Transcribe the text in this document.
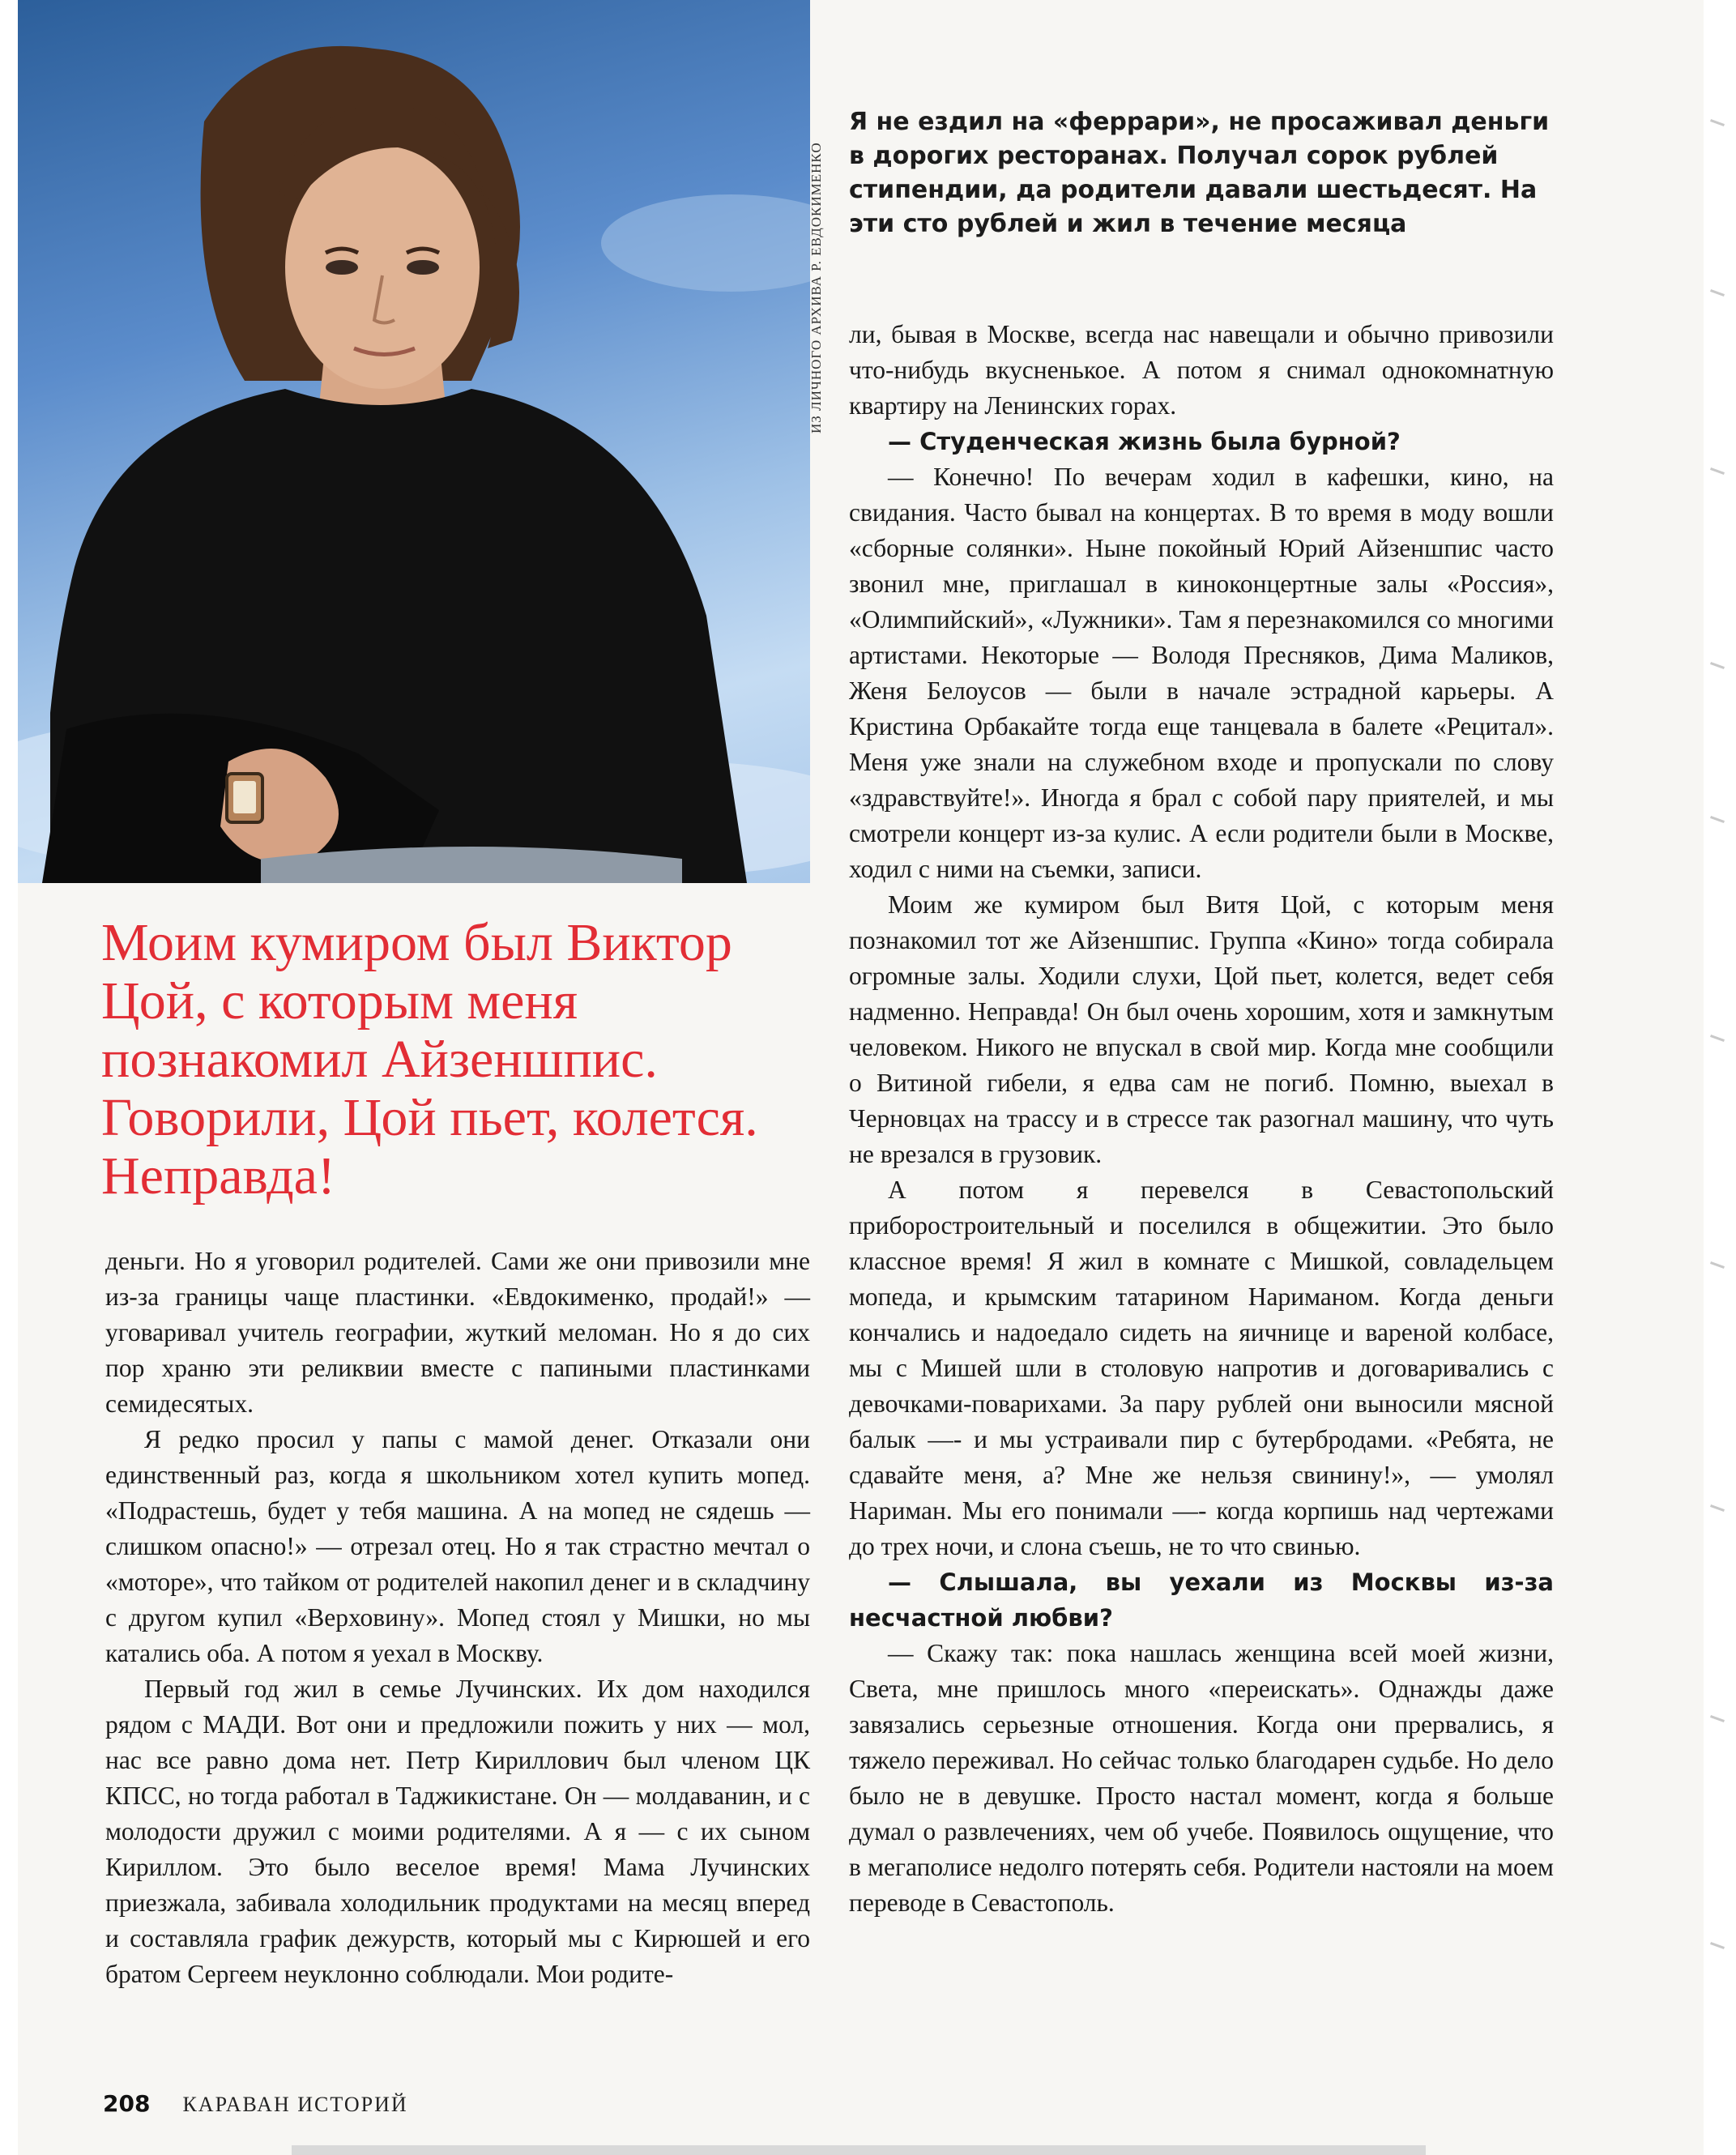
ИЗ ЛИЧНОГО АРХИВА Р. ЕВДОКИМЕНКО
Я не ездил на «феррари», не просаживал деньги в дорогих ресторанах. Получал сорок рублей стипендии, да родители давали шестьдесят. На эти сто рублей и жил в течение месяца
Моим кумиром был Виктор Цой, с которым меня познакомил Айзеншпис. Говорили, Цой пьет, колется. Неправда!

деньги. Но я уговорил родителей. Сами же они привозили мне из-за границы чаще пластинки. «Евдокименко, продай!» — уговаривал учитель географии, жуткий меломан. Но я до сих пор храню эти реликвии вместе с папиными пластинками семидесятых.

Я редко просил у папы с мамой денег. Отказали они единственный раз, когда я школьником хотел купить мопед. «Подрастешь, будет у тебя машина. А на мопед не сядешь — слишком опасно!» — отрезал отец. Но я так страстно мечтал о «моторе», что тайком от родителей накопил денег и в складчину с другом купил «Верховину». Мопед стоял у Мишки, но мы катались оба. А потом я уехал в Москву.

Первый год жил в семье Лучинских. Их дом находился рядом с МАДИ. Вот они и предложили пожить у них — мол, нас все равно дома нет. Петр Кириллович был членом ЦК КПСС, но тогда работал в Таджикистане. Он — молдаванин, и с молодости дружил с моими родителями. А я — с их сыном Кириллом. Это было веселое время! Мама Лучинских приезжала, забивала холодильник продуктами на месяц вперед и составляла график дежурств, который мы с Кирюшей и его братом Сергеем неуклонно соблюдали. Мои родите-

ли, бывая в Москве, всегда нас навещали и обычно привозили что-нибудь вкусненькое. А потом я снимал однокомнатную квартиру на Ленинских горах.

— Студенческая жизнь была бурной?

— Конечно! По вечерам ходил в кафешки, кино, на свидания. Часто бывал на концертах. В то время в моду вошли «сборные солянки». Ныне покойный Юрий Айзеншпис часто звонил мне, приглашал в киноконцертные залы «Россия», «Олимпийский», «Лужники». Там я перезнакомился со многими артистами. Некоторые — Володя Пресняков, Дима Маликов, Женя Белоусов — были в начале эстрадной карьеры. А Кристина Орбакайте тогда еще танцевала в балете «Рецитал». Меня уже знали на служебном входе и пропускали по слову «здравствуйте!». Иногда я брал с собой пару приятелей, и мы смотрели концерт из-за кулис. А если родители были в Москве, ходил с ними на съемки, записи.

Моим же кумиром был Витя Цой, с которым меня познакомил тот же Айзеншпис. Группа «Кино» тогда собирала огромные залы. Ходили слухи, Цой пьет, колется, ведет себя надменно. Неправда! Он был очень хорошим, хотя и замкнутым человеком. Никого не впускал в свой мир. Когда мне сообщили о Витиной гибели, я едва сам не погиб. Помню, выехал в Черновцах на трассу и в стрессе так разогнал машину, что чуть не врезался в грузовик.

А потом я перевелся в Севастопольский приборостроительный и поселился в общежитии. Это было классное время! Я жил в комнате с Мишкой, совладельцем мопеда, и крымским татарином Нариманом. Когда деньги кончались и надоедало сидеть на яичнице и вареной колбасе, мы с Мишей шли в столовую напротив и договаривались с девочками-поварихами. За пару рублей они выносили мясной балык —- и мы устраивали пир с бутербродами. «Ребята, не сдавайте меня, а? Мне же нельзя свинину!», — умолял Нариман. Мы его понимали —- когда корпишь над чертежами до трех ночи, и слона съешь, не то что свинью.

— Слышала, вы уехали из Москвы из-за несчастной любви?

— Скажу так: пока нашлась женщина всей моей жизни, Света, мне пришлось много «переискать». Однажды даже завязались серьезные отношения. Когда они прервались, я тяжело переживал. Но сейчас только благодарен судьбе. Но дело было не в девушке. Просто настал момент, когда я больше думал о развлечениях, чем об учебе. Появилось ощущение, что в мегаполисе недолго потерять себя. Родители настояли на моем переводе в Севастополь.

208 КАРАВАН ИСТОРИЙ
